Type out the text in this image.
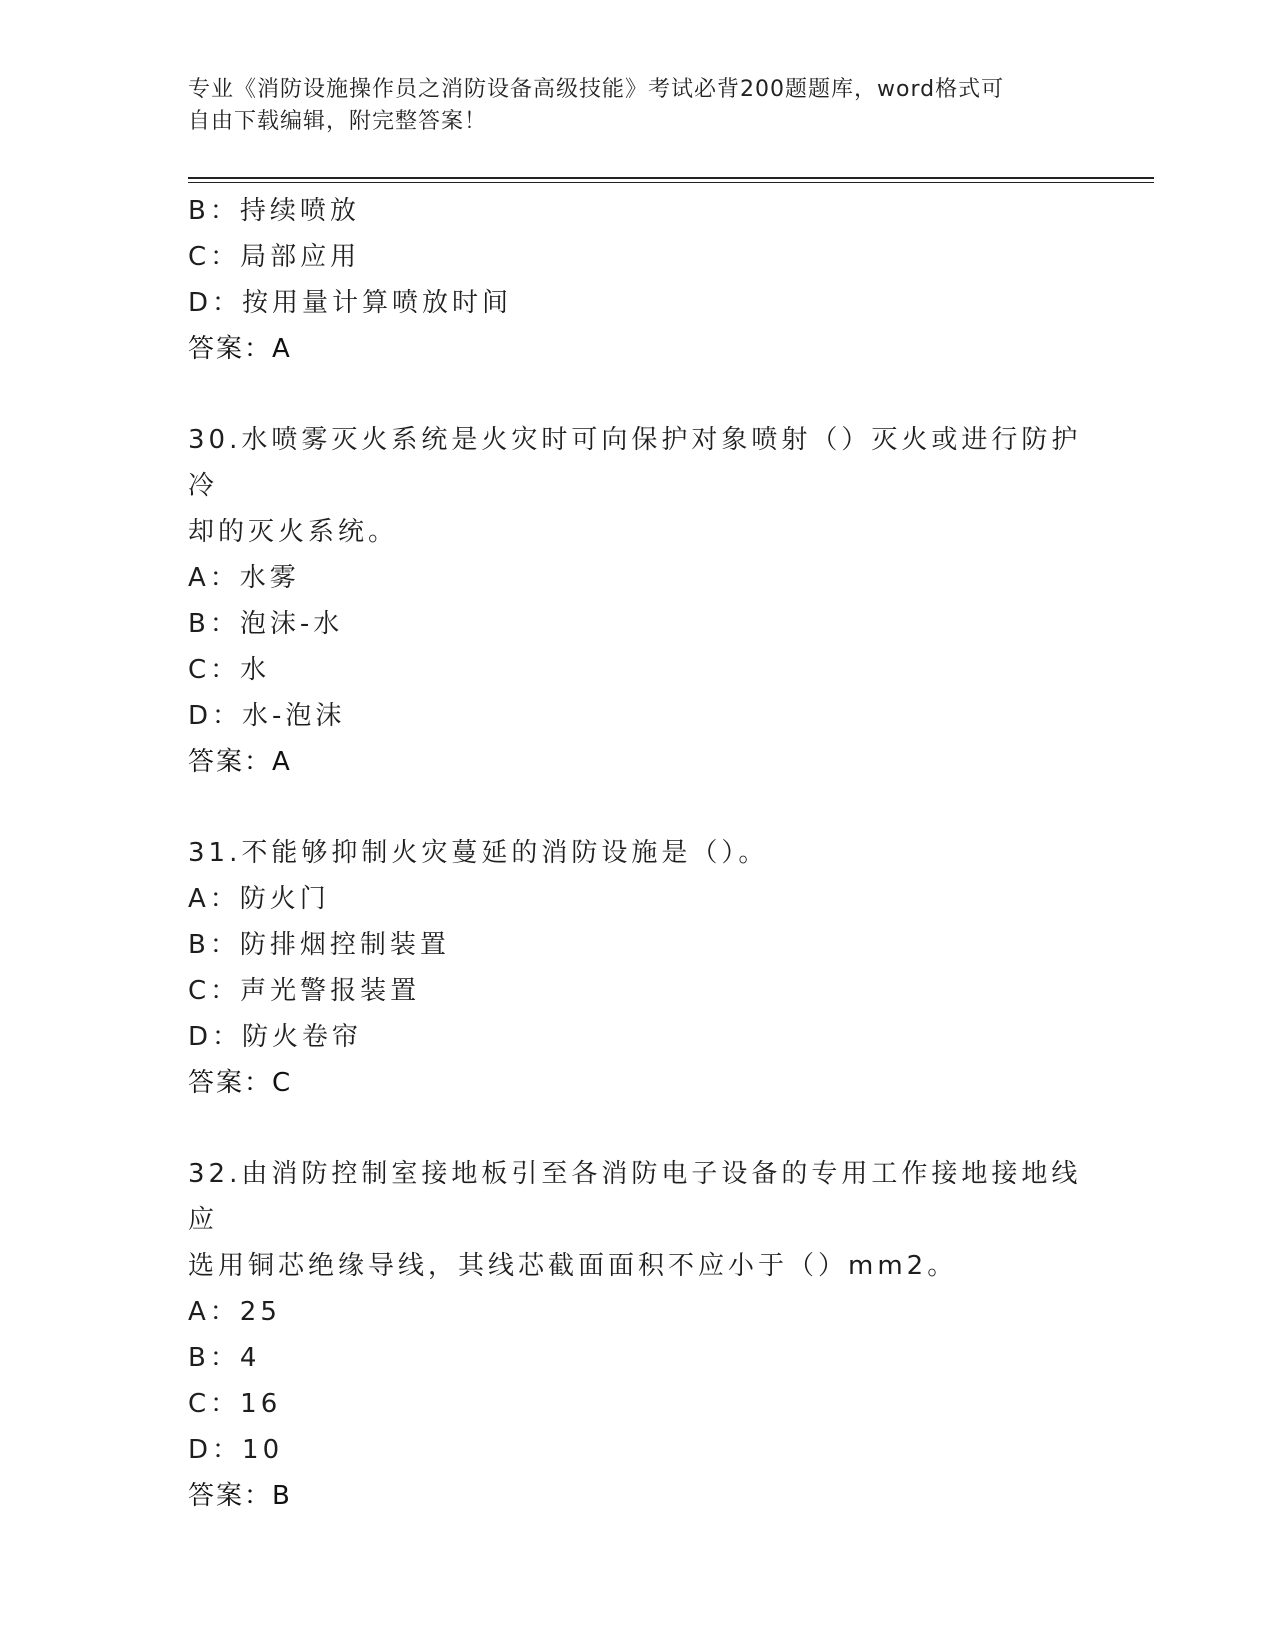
专业《消防设施操作员之消防设备高级技能》考试必背200题题库，word格式可
自由下载编辑，附完整答案！
B：持续喷放
C：局部应用
D：按用量计算喷放时间
答案：A
30.水喷雾灭火系统是火灾时可向保护对象喷射（）灭火或进行防护冷
却的灭火系统。
A：水雾
B：泡沫-水
C：水
D：水-泡沫
答案：A
31.不能够抑制火灾蔓延的消防设施是（）。
A：防火门
B：防排烟控制装置
C：声光警报装置
D：防火卷帘
答案：C
32.由消防控制室接地板引至各消防电子设备的专用工作接地接地线应
选用铜芯绝缘导线，其线芯截面面积不应小于（）mm2。
A：25
B：4
C：16
D：10
答案：B
